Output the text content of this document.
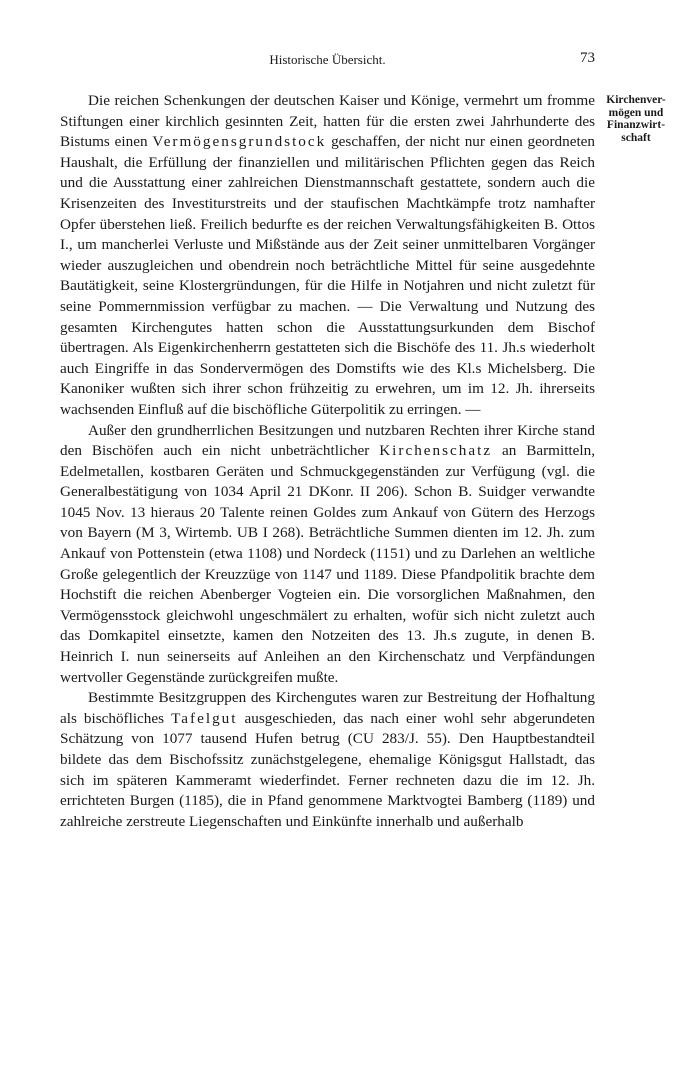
Historische Übersicht.	73
Kirchenver-mögen und Finanzwirt-schaft

Die reichen Schenkungen der deutschen Kaiser und Könige, vermehrt um fromme Stiftungen einer kirchlich gesinnten Zeit, hatten für die ersten zwei Jahrhunderte des Bistums einen Vermögensgrundstock geschaffen, der nicht nur einen geordneten Haushalt, die Erfüllung der finanziellen und militärischen Pflichten gegen das Reich und die Ausstattung einer zahlreichen Dienstmannschaft gestattete, sondern auch die Krisenzeiten des Investiturstreits und der staufischen Machtkämpfe trotz namhafter Opfer überstehen ließ. Freilich bedurfte es der reichen Verwaltungsfähigkeiten B. Ottos I., um mancherlei Verluste und Mißstände aus der Zeit seiner unmittelbaren Vorgänger wieder auszugleichen und obendrein noch beträchtliche Mittel für seine ausgedehnte Bautätigkeit, seine Klostergründungen, für die Hilfe in Notjahren und nicht zuletzt für seine Pommernmission verfügbar zu machen. — Die Verwaltung und Nutzung des gesamten Kirchengutes hatten schon die Ausstattungsurkunden dem Bischof übertragen. Als Eigenkirchenherrn gestatteten sich die Bischöfe des 11. Jh.s wiederholt auch Eingriffe in das Sondervermögen des Domstifts wie des Kl.s Michelsberg. Die Kanoniker wußten sich ihrer schon frühzeitig zu erwehren, um im 12. Jh. ihrerseits wachsenden Einfluß auf die bischöfliche Güterpolitik zu erringen. —

Außer den grundherrlichen Besitzungen und nutzbaren Rechten ihrer Kirche stand den Bischöfen auch ein nicht unbeträchtlicher Kirchenschatz an Barmitteln, Edelmetallen, kostbaren Geräten und Schmuckgegenständen zur Verfügung (vgl. die Generalbestätigung von 1034 April 21 DKonr. II 206). Schon B. Suidger verwandte 1045 Nov. 13 hieraus 20 Talente reinen Goldes zum Ankauf von Gütern des Herzogs von Bayern (M 3, Wirtemb. UB I 268). Beträchtliche Summen dienten im 12. Jh. zum Ankauf von Pottenstein (etwa 1108) und Nordeck (1151) und zu Darlehen an weltliche Große gelegentlich der Kreuzzüge von 1147 und 1189. Diese Pfandpolitik brachte dem Hochstift die reichen Abenberger Vogteien ein. Die vorsorglichen Maßnahmen, den Vermögensstock gleichwohl ungeschmälert zu erhalten, wofür sich nicht zuletzt auch das Domkapitel einsetzte, kamen den Notzeiten des 13. Jh.s zugute, in denen B. Heinrich I. nun seinerseits auf Anleihen an den Kirchenschatz und Verpfändungen wertvoller Gegenstände zurückgreifen mußte.

Bestimmte Besitzgruppen des Kirchengutes waren zur Bestreitung der Hofhaltung als bischöfliches Tafelgut ausgeschieden, das nach einer wohl sehr abgerundeten Schätzung von 1077 tausend Hufen betrug (CU 283/J. 55). Den Hauptbestandteil bildete das dem Bischofssitz zunächstgelegene, ehemalige Königsgut Hallstadt, das sich im späteren Kammeramt wiederfindet. Ferner rechneten dazu die im 12. Jh. errichteten Burgen (1185), die in Pfand genommene Marktvogtei Bamberg (1189) und zahlreiche zerstreute Liegenschaften und Einkünfte innerhalb und außerhalb
